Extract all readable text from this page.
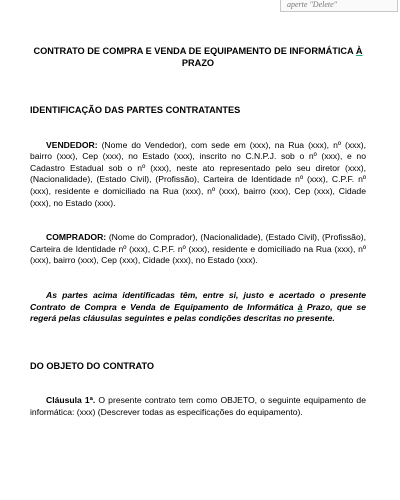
aperte "Delete"
CONTRATO DE COMPRA E VENDA DE EQUIPAMENTO DE INFORMÁTICA À
PRAZO
IDENTIFICAÇÃO DAS PARTES CONTRATANTES

VENDEDOR: (Nome do Vendedor), com sede em (xxx), na Rua (xxx), nº (xxx), bairro (xxx), Cep (xxx), no Estado (xxx), inscrito no C.N.P.J. sob o nº (xxx), e no Cadastro Estadual sob o nº (xxx), neste ato representado pelo seu diretor (xxx), (Nacionalidade), (Estado Civil), (Profissão), Carteira de Identidade nº (xxx), C.P.F. nº (xxx), residente e domiciliado na Rua (xxx), nº (xxx), bairro (xxx), Cep (xxx), Cidade (xxx), no Estado (xxx).

COMPRADOR: (Nome do Comprador), (Nacionalidade), (Estado Civil), (Profissão), Carteira de Identidade nº (xxx), C.P.F. nº (xxx), residente e domiciliado na Rua (xxx), nº (xxx), bairro (xxx), Cep (xxx), Cidade (xxx), no Estado (xxx).

As partes acima identificadas têm, entre si, justo e acertado o presente Contrato de Compra e Venda de Equipamento de Informática à Prazo, que se regerá pelas cláusulas seguintes e pelas condições descritas no presente.

DO OBJETO DO CONTRATO

Cláusula 1ª. O presente contrato tem como OBJETO, o seguinte equipamento de informática: (xxx) (Descrever todas as especificações do equipamento).
